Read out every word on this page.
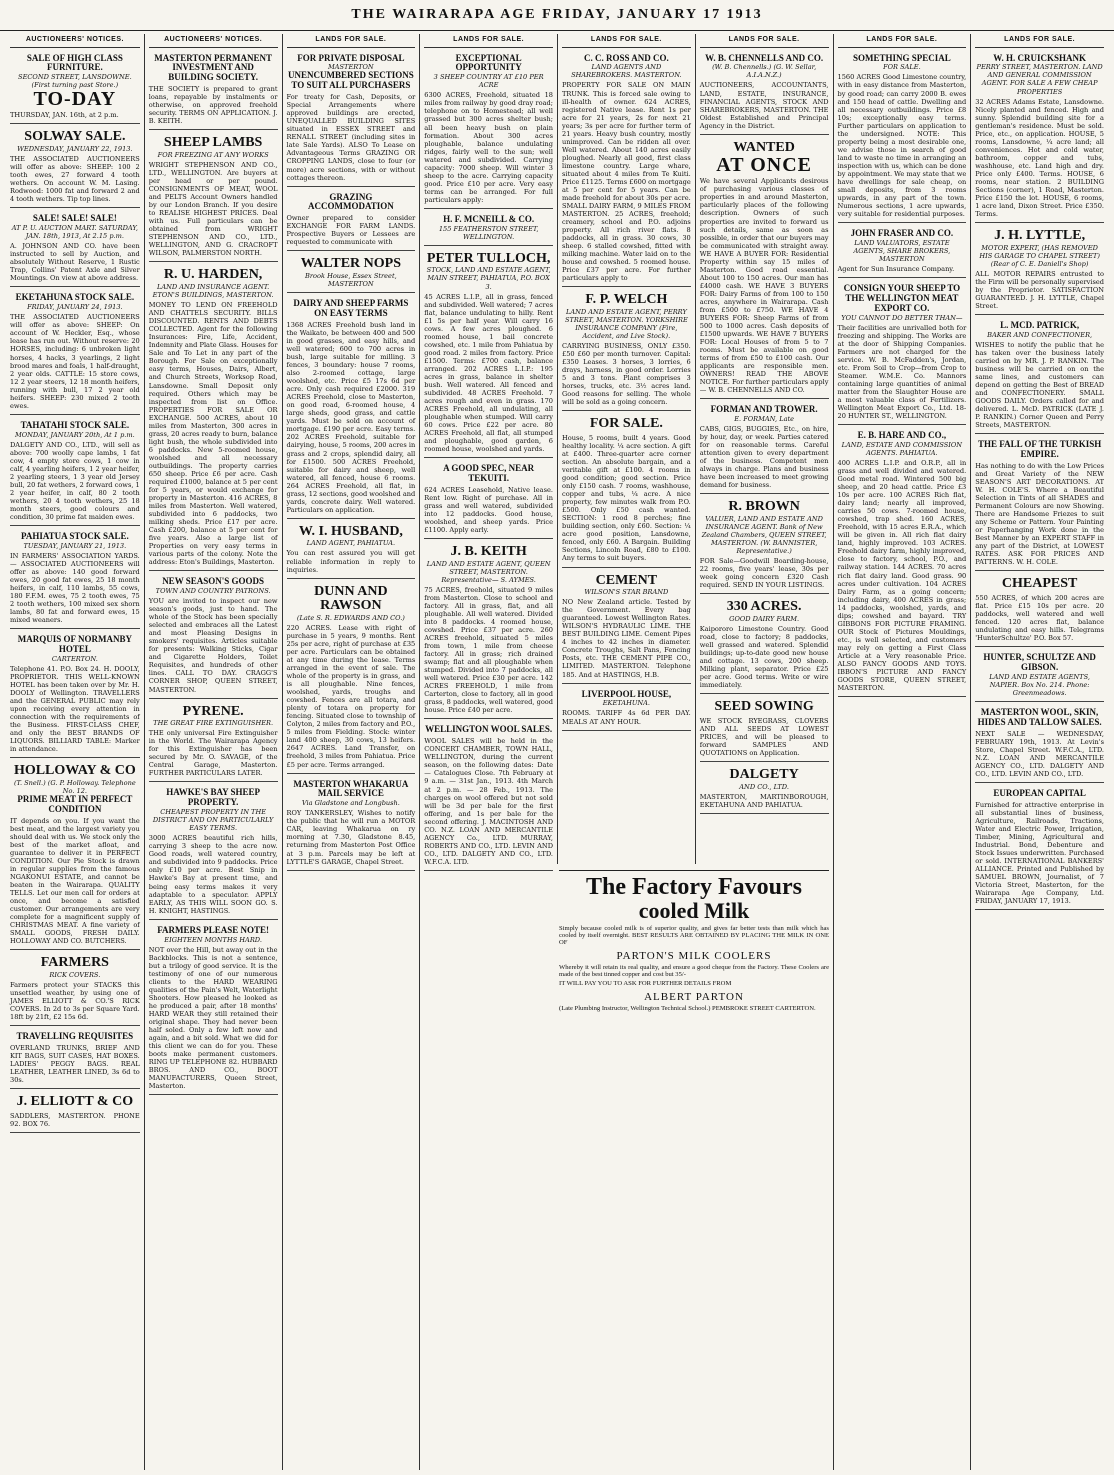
THE WAIRARAPA AGE FRIDAY, JANUARY 17 1913
AUCTIONEERS' NOTICES.
SALE OF HIGH CLASS FURNITURE.
SECOND STREET, LANSDOWNE. (First turning past Store.)
TO-DAY
THURSDAY, JAN. 16th, at 2 p.m.
SOLWAY SALE.
WEDNESDAY, JANUARY 22, 1913.
THE ASSOCIATED AUCTIONEERS will offer as above: SHEEP: 100 2 tooth ewes, 27 forward 4 tooth wethers. On account W. M. Lasing. Rodwood: 1000 fat and forward 2 and 4 tooth wethers. Tip top lines.
SALE! SALE! SALE!
AT P. U. AUCTION MART. SATURDAY, JAN. 18th, 1913, At 2.15 p.m.
A. JOHNSON AND CO. have been instructed to sell by Auction, and absolutely Without Reserve, 1 Rustic Trap, Collins' Patent Axle and Silver Mountings. On view at above address.
EKETAHUNA STOCK SALE.
FRIDAY, JANUARY 24, 1913.
THE ASSOCIATED AUCTIONEERS will offer as above: SHEEP: On account of W. Heckler, Esq., whose lease has run out. Without reserve: 20 HORSES, including: 6 unbroken light horses, 4 hacks, 3 yearlings, 2 light brood mares and foals, 1 half-draught, 2 year olds. CATTLE: 15 store cows, 12 2 year steers, 12 18 month heifers, running with bull, 17 2 year old heifers. SHEEP: 230 mixed 2 tooth ewes.
TAHATAHI STOCK SALE.
MONDAY, JANUARY 20th, At 1 p.m.
DALGETY AND CO., LTD., will sell as above: 700 woolly cape lambs, 1 fat cow, 4 empty store cows, 1 cow in calf, 4 yearling heifers, 1 2 year heifer, 2 yearling steers, 1 3 year old Jersey bull, 20 fat wethers, 2 forward cows, 1 2 year heifer, in calf, 80 2 tooth wethers, 20 4 tooth wethers, 25 18 month steers, good colours and condition, 30 prime fat maiden ewes.
PAHIATUA STOCK SALE.
TUESDAY, JANUARY 21, 1913.
IN FARMERS' ASSOCIATION YARDS.— ASSOCIATED AUCTIONEERS will offer as above: 140 good forward ewes, 20 good fat ewes, 25 18 month heifers, in calf, 110 lambs, 55 cows, 180 F.F.M. ewes, 75 2 tooth ewes, 75 2 tooth wethers, 100 mixed sex shorn lambs, 80 fat and forward ewes, 15 mixed weaners.
MARQUIS OF NORMANBY HOTEL
CARTERTON.
Telephone 41. P.O. Box 24. H. DOOLY, PROPRIETOR. THIS WELL-KNOWN HOTEL has been taken over by Mr. H. DOOLY of Wellington. TRAVELLERS and the GENERAL PUBLIC may rely upon receiving every attention in connection with the requirements of the Business. FIRST-CLASS CHEF, and only the BEST BRANDS OF LIQUORS. BILLIARD TABLE: Marker in attendance.
HOLLOWAY & CO
(T. Snell.) (G. P. Holloway. Telephone No. 12.
PRIME MEAT IN PERFECT CONDITION
IT depends on you. If you want the best meat, and the largest variety you should deal with us. We stock only the best of the market afloat, and guarantee to deliver it in PERFECT CONDITION. Our Pie Stock is drawn in regular supplies from the famous NGAKONUI ESTATE, and cannot be beaten in the Wairarapa. QUALITY TELLS. Let our men call for orders at once, and become a satisfied customer. Our arrangements are very complete for a magnificent supply of CHRISTMAS MEAT. A fine variety of SMALL GOODS, FRESH DAILY. HOLLOWAY AND CO. BUTCHERS.
FARMERS
RICK COVERS.
Farmers protect your STACKS this unsettled weather, by using one of JAMES ELLIOTT & CO.'S RICK COVERS. In 2d to 3s per Square Yard. 18ft by 21ft, £2 15s 6d.
TRAVELLING REQUISITES
OVERLAND TRUNKS, BRIEF AND KIT BAGS, SUIT CASES, HAT BOXES. LADIES' PEGGY BAGS. REAL LEATHER, LEATHER LINED, 3s 6d to 30s.
J. ELLIOTT & CO
SADDLERS, MASTERTON. PHONE 92. BOX 76.
AUCTIONEERS' NOTICES.
MASTERTON PERMANENT INVESTMENT AND BUILDING SOCIETY.
THE SOCIETY is prepared to grant loans, repayable by instalments or otherwise, on approved freehold security. TERMS ON APPLICATION. J. B. KEITH.
SHEEP LAMBS
FOR FREEZING AT ANY WORKS
WRIGHT STEPHENSON AND CO., LTD., WELLINGTON. Are buyers at per head or per pound. CONSIGNMENTS OF MEAT, WOOL and PELTS Account Owners handled by our London Branch. If you desire to REALISE HIGHEST PRICES. Deal with us. Full particulars can be obtained from WRIGHT STEPHENSON AND CO., LTD., WELLINGTON, AND G. CRACROFT WILSON, PALMERSTON NORTH.
R. U. HARDEN,
LAND AND INSURANCE AGENT. ETON'S BUILDINGS, MASTERTON.
MONEY TO LEND ON FREEHOLD AND CHATTELS SECURITY. BILLS DISCOUNTED. RENTS AND DEBTS COLLECTED. Agent for the following Insurances: Fire, Life, Accident, Indemnity and Plate Glass. Houses for Sale and To Let in any part of the Borough. For Sale on exceptionally easy terms, Houses, Dairs, Albert, and Church Streets, Worksop Road, Lansdowne. Small Deposit only required. Others which may be inspected from list on Office. PROPERTIES FOR SALE OR EXCHANGE. 500 ACRES, about 10 miles from Masterton, 300 acres in grass, 20 acres ready to burn, balance light bush, the whole subdivided into 6 paddocks. New 5-roomed house, woolshed and all necessary outbuildings. The property carries 650 sheep. Price £6 per acre. Cash required £1000, balance at 5 per cent for 5 years, or would exchange for property in Masterton. 416 ACRES, 8 miles from Masterton. Well watered, subdivided into 6 paddocks, two milking sheds. Price £17 per acre. Cash £200, balance at 5 per cent for five years. Also a large list of Properties on very easy terms in various parts of the colony. Note the address: Eton's Buildings, Masterton.
NEW SEASON'S GOODS
TOWN AND COUNTRY PATRONS.
YOU are invited to inspect our new season's goods, just to hand. The whole of the Stock has been specially selected and embraces all the Latest and most Pleasing Designs in smokers' requisites. Articles suitable for presents: Walking Sticks, Cigar and Cigarette Holders, Toilet Requisites, and hundreds of other lines. CALL TO DAY. CRAGG'S CORNER SHOP, QUEEN STREET, MASTERTON.
PYRENE.
THE GREAT FIRE EXTINGUISHER.
THE only universal Fire Extinguisher in the World. The Wairarapa Agency for this Extinguisher has been secured by Mr. O. SAVAGE, of the Central Garage, Masterton. FURTHER PARTICULARS LATER.
HAWKE'S BAY SHEEP PROPERTY.
CHEAPEST PROPERTY IN THE DISTRICT AND ON PARTICULARLY EASY TERMS.
3000 ACRES beautiful rich hills, carrying 3 sheep to the acre now. Good roads, well watered country, and subdivided into 9 paddocks. Price only £10 per acre. Best Snip in Hawke's Bay at present time, and being easy terms makes it very adaptable to a speculator. APPLY EARLY, AS THIS WILL SOON GO. S. H. KNIGHT, HASTINGS.
FARMERS PLEASE NOTE!
EIGHTEEN MONTHS HARD.
NOT over the Hill, but away out in the Backblocks. This is not a sentence, but a trilogy of good service. It is the testimony of one of our numerous clients to the HARD WEARING qualities of the Pain's Welt, Waterlight Shooters. How pleased he looked as he produced a pair, after 18 months' HARD WEAR they still retained their original shape. They had never been half soled. Only a few left now and again, and a bit sold. What we did for this client we can do for you. These boots make permanent customers. RING UP TELEPHONE 82. HUBBARD BROS. AND CO., BOOT MANUFACTURERS, Queen Street, Masterton.
LANDS FOR SALE.
FOR PRIVATE DISPOSAL
MASTERTON
UNENCUMBERED SECTIONS TO SUIT ALL PURCHASERS
For treaty for Cash, Deposits, or Special Arrangements where approved buildings are erected, UNEQUALLED BUILDING SITES situated in ESSEX STREET and RENALL STREET (including sites in late Sale Yards). ALSO To Lease on Advantageous Terms GRAZING OR CROPPING LANDS, close to four (or more) acre sections, with or without cottages thereon.
GRAZING ACCOMMODATION
Owner prepared to consider EXCHANGE FOR FARM LANDS. Prospective Buyers or Lessees are requested to communicate with
WALTER NOPS
Brook House, Essex Street, MASTERTON
DAIRY AND SHEEP FARMS ON EASY TERMS
1368 ACRES Freehold bush land in the Waikato, be between 400 and 500 in good grasses, and easy hills, and well watered; 600 to 700 acres in bush, large suitable for milling. 3 fences, 3 boundary: house 7 rooms, also 2-roomed cottage, large woolshed, etc. Price £5 17s 6d per acre. Only cash required £2000. 319 ACRES Freehold, close to Masterton, on good road, 6-roomed house, 4 large sheds, good grass, and cattle yards. Must be sold on account of mortgage. £190 per acre. Easy terms. 202 ACRES Freehold, suitable for dairying, house, 5 rooms, 200 acres in grass and 2 crops, splendid dairy, all for £1500. 500 ACRES Freehold, suitable for dairy and sheep, well watered, all fenced, house 6 rooms. 264 ACRES Freehold, all flat, in grass, 12 sections, good woolshed and yards, concrete dairy. Well watered. Particulars on application.
W. I. HUSBAND,
LAND AGENT, PAHIATUA.
You can rest assured you will get reliable information in reply to inquiries.
DUNN AND RAWSON
(Late S. R. EDWARDS AND CO.)
220 ACRES. Lease with right of purchase in 5 years, 9 months. Rent 25s per acre, right of purchase at £35 per acre. Particulars can be obtained at any time during the lease. Terms arranged in the event of sale. The whole of the property is in grass, and is all ploughable. Nine fences, woolshed, yards, troughs and cowshed. Fences are all totara, and plenty of totara on property for fencing. Situated close to township of Colyton, 2 miles from factory and P.O., 5 miles from Fielding. Stock: winter land 400 sheep, 30 cows, 13 heifers. 2647 ACRES. Land Transfer, on freehold, 3 miles from Pahiatua. Price £5 per acre. Terms arranged.
MASTERTON WHAKARUA MAIL SERVICE
Via Gladstone and Longbush.
ROY TANKERSLEY, Wishes to notify the public that he will run a MOTOR CAR, leaving Whakarua on ry morning at 7.30, Gladstone 8.45, returning from Masterton Post Office at 3 p.m. Parcels may be left at LYTTLE'S GARAGE, Chapel Street.
LANDS FOR SALE.
EXCEPTIONAL OPPORTUNITY
3 SHEEP COUNTRY AT £10 PER ACRE
6300 ACRES, Freehold, situated 18 miles from railway by good dray road; telephone on to Homestead; all well grassed but 300 acres shelter bush; all been heavy bush on plain formation. About 300 acres ploughable, balance undulating ridges, fairly well to the sun; well watered and subdivided. Carrying capacity: 7000 sheep. Will winter 3 sheep to the acre. Carrying capacity good. Price £10 per acre. Very easy terms can be arranged. For full particulars apply:
H. F. MCNEILL & CO.
155 FEATHERSTON STREET, WELLINGTON.
PETER TULLOCH,
STOCK, LAND AND ESTATE AGENT, MAIN STREET, PAHIATUA, P.O. BOX 3.
45 ACRES L.I.P., all in grass, fenced and subdivided. Well watered; 7 acres flat, balance undulating to hilly. Rent £1 5s per half year. Will carry 16 cows. A few acres ploughed. 6 roomed house, 1 bail concrete cowshed, etc. 1 mile from Pahiatua by good road. 2 miles from factory. Price £1500. Terms: £700 cash, balance arranged. 202 ACRES L.I.P.: 195 acres in grass, balance in shelter bush. Well watered. All fenced and subdivided. 48 ACRES Freehold. 7 acres rough and even in grass. 170 ACRES Freehold, all undulating, all ploughable when stumped. Will carry 60 cows. Price £22 per acre. 80 ACRES Freehold, all flat, all stumped and ploughable, good garden, 6 roomed house, woolshed and yards.
A GOOD SPEC, NEAR TEKUITI.
624 ACRES Leasehold, Native lease. Rent low. Right of purchase. All in grass and well watered, subdivided into 12 paddocks. Good house, woolshed, and sheep yards. Price £1100. Apply early.
J. B. KEITH
LAND AND ESTATE AGENT, QUEEN STREET, MASTERTON. Representative— S. AYMES.
75 ACRES, freehold, situated 9 miles from Masterton. Close to school and factory. All in grass, flat, and all ploughable. All well watered. Divided into 8 paddocks. 4 roomed house, cowshed. Price £37 per acre. 260 ACRES freehold, situated 5 miles from town, 1 mile from cheese factory. All in grass; rich drained swamp; flat and all ploughable when stumped. Divided into 7 paddocks, all well watered. Price £30 per acre. 142 ACRES FREEHOLD, 1 mile from Carterton, close to factory, all in good grass, 8 paddocks, well watered, good house. Price £40 per acre.
WELLINGTON WOOL SALES.
WOOL SALES will be held in the CONCERT CHAMBER, TOWN HALL, WELLINGTON, during the current season, on the following dates: Date — Catalogues Close. 7th February at 9 a.m. — 31st Jan., 1913. 4th March at 2 p.m. — 28 Feb., 1913. The charges on wool offered but not sold will be 3d per bale for the first offering, and 1s per bale for the second offering. J. MACINTOSH AND CO. N.Z. LOAN AND MERCANTILE AGENCY Co., LTD. MURRAY, ROBERTS AND CO., LTD. LEVIN AND CO., LTD. DALGETY AND CO., LTD. W.F.C.A. LTD.
LANDS FOR SALE.
C. C. ROSS AND CO.
LAND AGENTS AND SHAREBROKERS. MASTERTON.
PROPERTY FOR SALE ON MAIN TRUNK. This is forced sale owing to ill-health of owner. 624 ACRES, registered Native lease. Rent 1s per acre for 21 years, 2s for next 21 years; 3s per acre for further term of 21 years. Heavy bush country, mostly unimproved. Can be ridden all over. Well watered. About 140 acres easily ploughed. Nearly all good, first class limestone country. Large whare, situated about 4 miles from Te Kuiti. Price £1125. Terms £600 on mortgage at 5 per cent for 5 years. Can be made freehold for about 30s per acre. SMALL DAIRY FARM, 9 MILES FROM MASTERTON. 25 ACRES, freehold; creamery, school and P.O. adjoins property. All rich river flats. 8 paddocks, all in grass. 30 cows, 30 sheep. 6 stalled cowshed, fitted with milking machine. Water laid on to the house and cowshed. 5 roomed house. Price £37 per acre. For further particulars apply to
F. P. WELCH
LAND AND ESTATE AGENT, PERRY STREET, MASTERTON. YORKSHIRE INSURANCE COMPANY (Fire, Accident, and Live Stock).
CARRYING BUSINESS, ONLY £350. £50 £60 per month turnover. Capital: £350 Leases. 3 horses, 3 lorries, 6 drays, harness, in good order. Lorries 5 and 3 tons. Plant comprises 3 horses, trucks, etc. 3½ acres land. Good reasons for selling. The whole will be sold as a going concern.
FOR SALE.
House, 5 rooms, built 4 years. Good healthy locality. ¼ acre section. A gift at £400. Three-quarter acre corner section. An absolute bargain, and a veritable gift at £100. 4 rooms in good condition; good section. Price only £150 cash. 7 rooms, washhouse, copper and tubs, ¼ acre. A nice property, few minutes walk from P.O. £500. Only £50 cash wanted. SECTION: 1 rood 8 perches; fine building section, only £60. Section: ¼ acre good position, Lansdowne, fenced, only £60. A Bargain. Building Sections, Lincoln Road, £80 to £100. Any terms to suit buyers.
CEMENT
WILSON'S STAR BRAND
NO New Zealand article. Tested by the Government. Every bag guaranteed. Lowest Wellington Rates. WILSON'S HYDRAULIC LIME. THE BEST BUILDING LIME. Cement Pipes 4 inches to 42 inches in diameter. Concrete Troughs, Salt Pans, Fencing Posts, etc. THE CEMENT PIPE CO., LIMITED. MASTERTON. Telephone 185. And at HASTINGS, H.B.
LIVERPOOL HOUSE,
EKETAHUNA.
ROOMS. TARIFF 4s 6d PER DAY. MEALS AT ANY HOUR.
LANDS FOR SALE.
W. B. CHENNELLS AND CO.
(W. B. Chennells.) (G. W. Sellar, A.I.A.N.Z.)
AUCTIONEERS, ACCOUNTANTS, LAND, ESTATE, INSURANCE, FINANCIAL AGENTS, STOCK AND SHAREBROKERS, MASTERTON. THE Oldest Established and Principal Agency in the District.
WANTED
AT ONCE
We have several Applicants desirous of purchasing various classes of properties in and around Masterton, particularly places of the following description. Owners of such properties are invited to forward us such details, same as soon as possible, in order that our buyers may be communicated with straight away. WE HAVE A BUYER FOR: Residential Property within say 15 miles of Masterton. Good road essential. About 100 to 150 acres. Our man has £4000 cash. WE HAVE 3 BUYERS FOR: Dairy Farms of from 100 to 150 acres, anywhere in Wairarapa. Cash from £500 to £750. WE HAVE 4 BUYERS FOR: Sheep Farms of from 500 to 1000 acres. Cash deposits of £1500 upwards. WE HAVE 7 BUYERS FOR: Local Houses of from 5 to 7 rooms. Must be available on good terms of from £50 to £100 cash. Our applicants are responsible men. OWNERS! READ THE ABOVE NOTICE. For further particulars apply— W. B. CHENNELLS AND CO.
FORMAN AND TROWER.
E. FORMAN, Late
CABS, GIGS, BUGGIES, Etc., on hire, by hour, day, or week. Parties catered for on reasonable terms. Careful attention given to every department of the business. Competent men always in charge. Plans and business have been increased to meet growing demand for business.
R. BROWN
VALUER, LAND AND ESTATE AND INSURANCE AGENT. Bank of New Zealand Chambers, QUEEN STREET, MASTERTON. (W. BANNISTER, Representative.)
FOR Sale—Goodwill Boarding-house, 22 rooms, five years' lease, 30s per week going concern £320 Cash required. SEND IN YOUR LISTINGS.
330 ACRES.
GOOD DAIRY FARM.
Kaipororo Limestone Country. Good road, close to factory; 8 paddocks, well grassed and watered. Splendid buildings; up-to-date good new house and cottage. 13 cows, 200 sheep. Milking plant, separator. Price £25 per acre. Good terms. Write or wire immediately.
SEED SOWING
WE STOCK RYEGRASS, CLOVERS AND ALL SEEDS AT LOWEST PRICES, and will be pleased to forward SAMPLES AND QUOTATIONS on Application.
DALGETY
AND CO., LTD.
MASTERTON, MARTINBOROUGH, EKETAHUNA AND PAHIATUA.
LANDS FOR SALE.
SOMETHING SPECIAL
FOR SALE.
1560 ACRES Good Limestone country, with in easy distance from Masterton, by good road; can carry 2000 B. ewes and 150 head of cattle. Dwelling and all necessary outbuildings. Price £8 10s; exceptionally easy terms. Further particulars on application to the undersigned. NOTE: This property being a most desirable one, we advise those in search of good land to waste no time in arranging an inspection with us, which can be done by appointment. We may state that we have dwellings for sale cheap, on small deposits, from 3 rooms upwards, in any part of the town. Numerous sections, 1 acre upwards, very suitable for residential purposes.
JOHN FRASER AND CO.
LAND VALUATORS, ESTATE AGENTS, SHARE BROKERS, MASTERTON
Agent for Sun Insurance Company.
CONSIGN YOUR SHEEP TO THE WELLINGTON MEAT EXPORT CO.
YOU CANNOT DO BETTER THAN—
Their facilities are unrivalled both for freezing and shipping. The Works are at the door of Shipping Companies. Farmers are not charged for the service. W. B. McFadden's, Jordan, etc. From Soil to Crop—from Crop to Steamer. W.M.E. Co. Mannors containing large quantities of animal matter from the Slaughter House are a most valuable class of Fertilizers. Wellington Meat Export Co., Ltd. 18-20 HUNTER ST., WELLINGTON.
E. B. HARE AND CO.,
LAND, ESTATE AND COMMISSION AGENTS. PAHIATUA.
400 ACRES L.I.P. and O.R.P., all in grass and well divided and watered. Good metal road. Wintered 500 big sheep, and 20 head cattle. Price £3 10s per acre. 100 ACRES Rich flat, dairy land; nearly all improved, carries 50 cows. 7-roomed house, cowshed, trap shed. 160 ACRES, Freehold, with 15 acres E.R.A., which will be given in. All rich flat dairy land, highly improved. 103 ACRES. Freehold dairy farm, highly improved, close to factory, school, P.O., and railway station. 144 ACRES. 70 acres rich flat dairy land. Good grass. 90 acres under cultivation. 104 ACRES Dairy Farm, as a going concern; including dairy, 400 ACRES in grass; 14 paddocks, woolshed, yards, and dips; cowshed and bayard. TRY GIBBONS FOR PICTURE FRAMING. OUR Stock of Pictures Mouldings, etc., is well selected, and customers may rely on getting a First Class Article at a Very reasonable Price. ALSO FANCY GOODS AND TOYS. IBBON'S PICTURE AND FANCY GOODS STORE, QUEEN STREET, MASTERTON.
LANDS FOR SALE.
W. H. CRUICKSHANK
PERRY STREET, MASTERTON. LAND AND GENERAL COMMISSION AGENT. FOR SALE A FEW CHEAP PROPERTIES
32 ACRES Adams Estate, Lansdowne. Nicely planted and fenced. High and sunny. Splendid building site for a gentleman's residence. Must be sold. Price, etc., on application. HOUSE, 5 rooms, Lansdowne, ¼ acre land; all conveniences. Hot and cold water, bathroom, copper and tubs, washhouse, etc. Land high and dry. Price only £400. Terms. HOUSE, 6 rooms, near station. 2 BUILDING Sections (corner), 1 Road, Masterton. Price £150 the lot. HOUSE, 6 rooms, 1 acre land, Dixon Street. Price £350. Terms.
J. H. LYTTLE,
MOTOR EXPERT, (HAS REMOVED HIS GARAGE TO CHAPEL STREET) (Rear of C. E. Daniell's Shop)
ALL MOTOR REPAIRS entrusted to the Firm will be personally supervised by the Proprietor. SATISFACTION GUARANTEED. J. H. LYTTLE, Chapel Street.
L. MCD. PATRICK,
BAKER AND CONFECTIONER,
WISHES to notify the public that he has taken over the business lately carried on by MR. J. P. RANKIN. The business will be carried on on the same lines, and customers can depend on getting the Best of BREAD and CONFECTIONERY. SMALL GOODS DAILY. Orders called for and delivered. L. McD. PATRICK (LATE J. P. RANKIN.) Corner Queen and Perry Streets, MASTERTON.
THE FALL OF THE TURKISH EMPIRE.
Has nothing to do with the Low Prices and Great Variety of the NEW SEASON'S ART DECORATIONS. AT W. H. COLE'S. Where a Beautiful Selection in Tints of all SHADES and Permanent Colours are now Showing. There are Handsome Friezes to suit any Scheme or Pattern. Your Painting or Paperhanging Work done in the Best Manner by an EXPERT STAFF in any part of the District, at LOWEST RATES. ASK FOR PRICES AND PATTERNS. W. H. COLE.
CHEAPEST
550 ACRES, of which 200 acres are flat. Price £15 10s per acre. 20 paddocks, well watered and well fenced. 120 acres flat, balance undulating and easy hills. Telegrams 'HunterSchultze' P.O. Box 57.
HUNTER, SCHULTZE AND GIBSON.
LAND AND ESTATE AGENTS, NAPIER. Box No. 214. Phone: Greenmeadows.
MASTERTON WOOL, SKIN, HIDES AND TALLOW SALES.
NEXT SALE — WEDNESDAY, FEBRUARY 19th, 1913. At Levin's Store, Chapel Street. W.F.C.A., LTD. N.Z. LOAN AND MERCANTILE AGENCY CO., LTD. DALGETY AND CO., LTD. LEVIN AND CO., LTD.
EUROPEAN CAPITAL
Furnished for attractive enterprise in all substantial lines of business, Agriculture, Railroads, Tractions, Water and Electric Power, Irrigation, Timber, Mining, Agricultural and Industrial. Bond, Debenture and Stock Issues underwritten. Purchased or sold. INTERNATIONAL BANKERS' ALLIANCE. Printed and Published by SAMUEL BROWN, Journalist, of 7 Victoria Street, Masterton, for the Wairarapa Age Company, Ltd. FRIDAY, JANUARY 17, 1913.
The Factory Favours
cooled Milk
Simply because cooled milk is of superior quality, and gives far better tests than milk which has cooled by itself overnight. BEST RESULTS ARE OBTAINED BY PLACING THE MILK IN ONE OF
PARTON'S MILK COOLERS
Whereby it will retain its real quality, and ensure a good cheque from the Factory. These Coolers are made of the best tinned copper and cost but 35/-
IT WILL PAY YOU TO ASK FOR FURTHER DETAILS FROM
ALBERT PARTON
(Late Plumbing Instructor, Wellington Technical School.) PEMBROKE STREET CARTERTON.
